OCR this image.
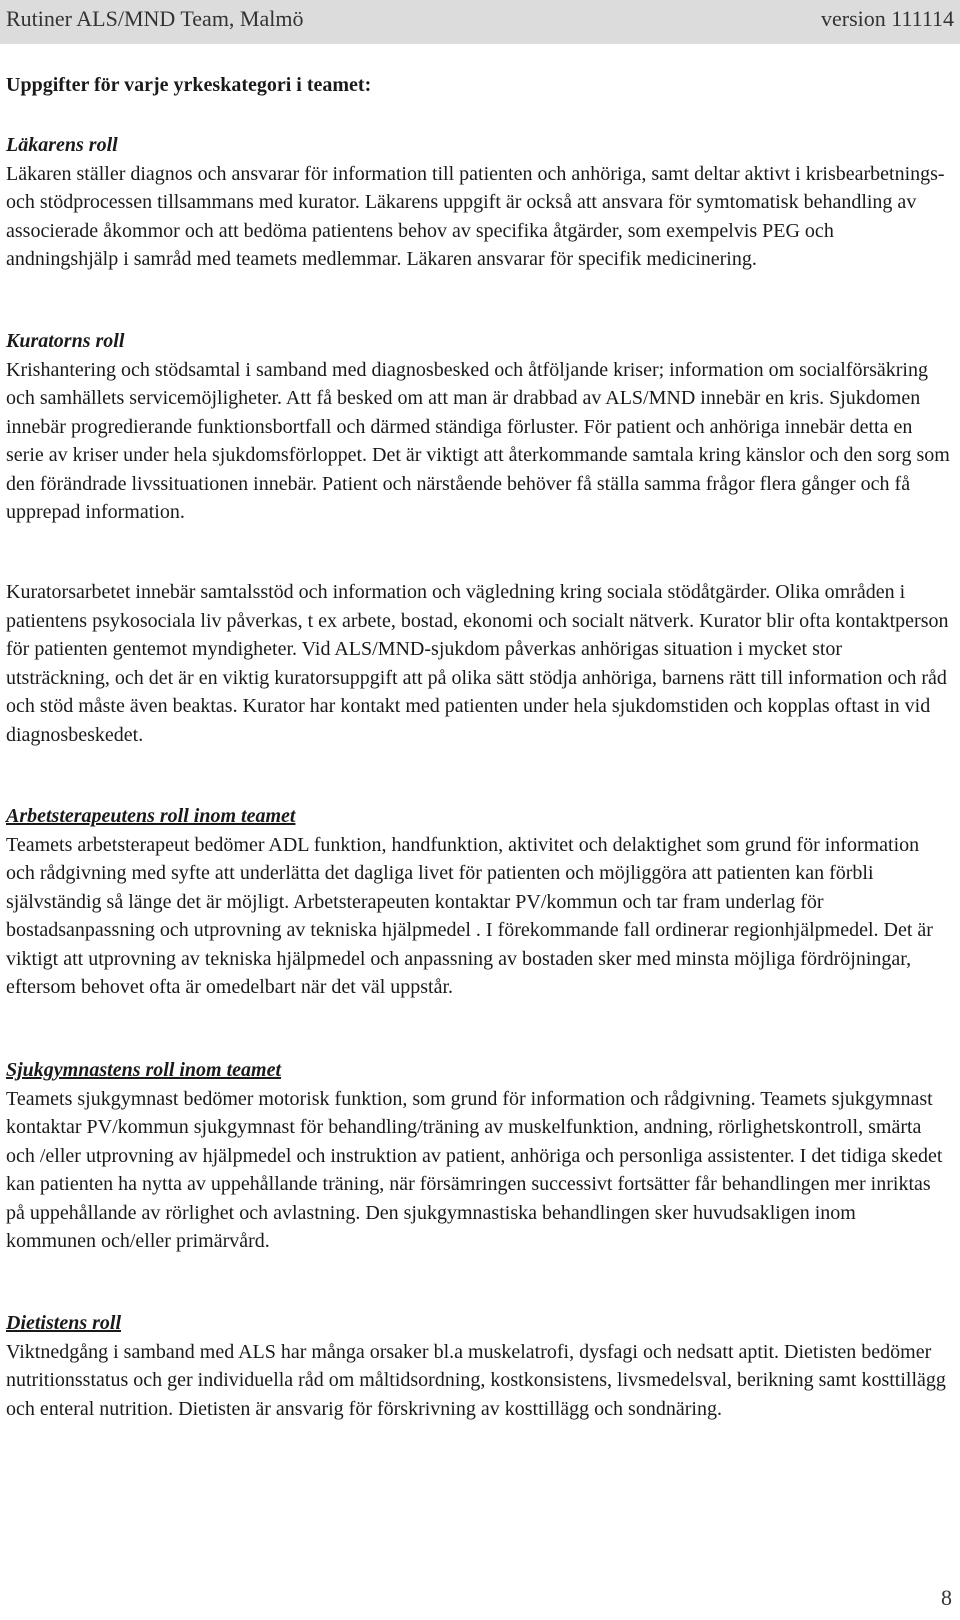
Rutiner ALS/MND Team, Malmö	version 111114
Uppgifter för varje yrkeskategori i teamet:
Läkarens roll

Läkaren ställer diagnos och ansvarar för information till patienten och anhöriga, samt deltar aktivt i krisbearbetnings- och stödprocessen tillsammans med kurator. Läkarens uppgift är också att ansvara för symtomatisk behandling av associerade åkommor och att bedöma patientens behov av specifika åtgärder, som exempelvis PEG och andningshjälp i samråd med teamets medlemmar. Läkaren ansvarar för specifik medicinering.

Kuratorns roll

Krishantering och stödsamtal i samband med diagnosbesked och åtföljande kriser; information om socialförsäkring och samhällets servicemöjligheter. Att få besked om att man är drabbad av ALS/MND innebär en kris. Sjukdomen innebär progredierande funktionsbortfall och därmed ständiga förluster. För patient och anhöriga innebär detta en serie av kriser under hela sjukdomsförloppet. Det är viktigt att återkommande samtala kring känslor och den sorg som den förändrade livssituationen innebär. Patient och närstående behöver få ställa samma frågor flera gånger och få upprepad information.

Kuratorsarbetet innebär samtalsstöd och information och vägledning kring sociala stödåtgärder. Olika områden i patientens psykosociala liv påverkas, t ex arbete, bostad, ekonomi och socialt nätverk. Kurator blir ofta kontaktperson för patienten gentemot myndigheter. Vid ALS/MND-sjukdom påverkas anhörigas situation i mycket stor utsträckning, och det är en viktig kuratorsuppgift att på olika sätt stödja anhöriga, barnens rätt till information och råd och stöd måste även beaktas. Kurator har kontakt med patienten under hela sjukdomstiden och kopplas oftast in vid diagnosbeskedet.

Arbetsterapeutens roll inom teamet

Teamets arbetsterapeut bedömer ADL funktion, handfunktion, aktivitet och delaktighet som grund för information och rådgivning med syfte att underlätta det dagliga livet för patienten och möjliggöra att patienten kan förbli självständig så länge det är möjligt. Arbetsterapeuten kontaktar PV/kommun och tar fram underlag för bostadsanpassning och utprovning av tekniska hjälpmedel . I förekommande fall ordinerar regionhjälpmedel. Det är viktigt att utprovning av tekniska hjälpmedel och anpassning av bostaden sker med minsta möjliga fördröjningar, eftersom behovet ofta är omedelbart när det väl uppstår.

Sjukgymnastens roll inom teamet

Teamets sjukgymnast bedömer motorisk funktion, som grund för information och rådgivning. Teamets sjukgymnast kontaktar PV/kommun sjukgymnast för behandling/träning av muskelfunktion, andning, rörlighetskontroll, smärta och /eller utprovning av hjälpmedel och instruktion av patient, anhöriga och personliga assistenter. I det tidiga skedet kan patienten ha nytta av uppehållande träning, när försämringen successivt fortsätter får behandlingen mer inriktas på uppehållande av rörlighet och avlastning. Den sjukgymnastiska behandlingen sker huvudsakligen inom kommunen och/eller primärvård.

Dietistens roll

Viktnedgång i samband med ALS har många orsaker bl.a muskelatrofi, dysfagi och nedsatt aptit. Dietisten bedömer nutritionsstatus och ger individuella råd om måltidsordning, kostkonsistens, livsmedelsval, berikning samt kosttillägg och enteral nutrition. Dietisten är ansvarig för förskrivning av kosttillägg och sondnäring.

8
